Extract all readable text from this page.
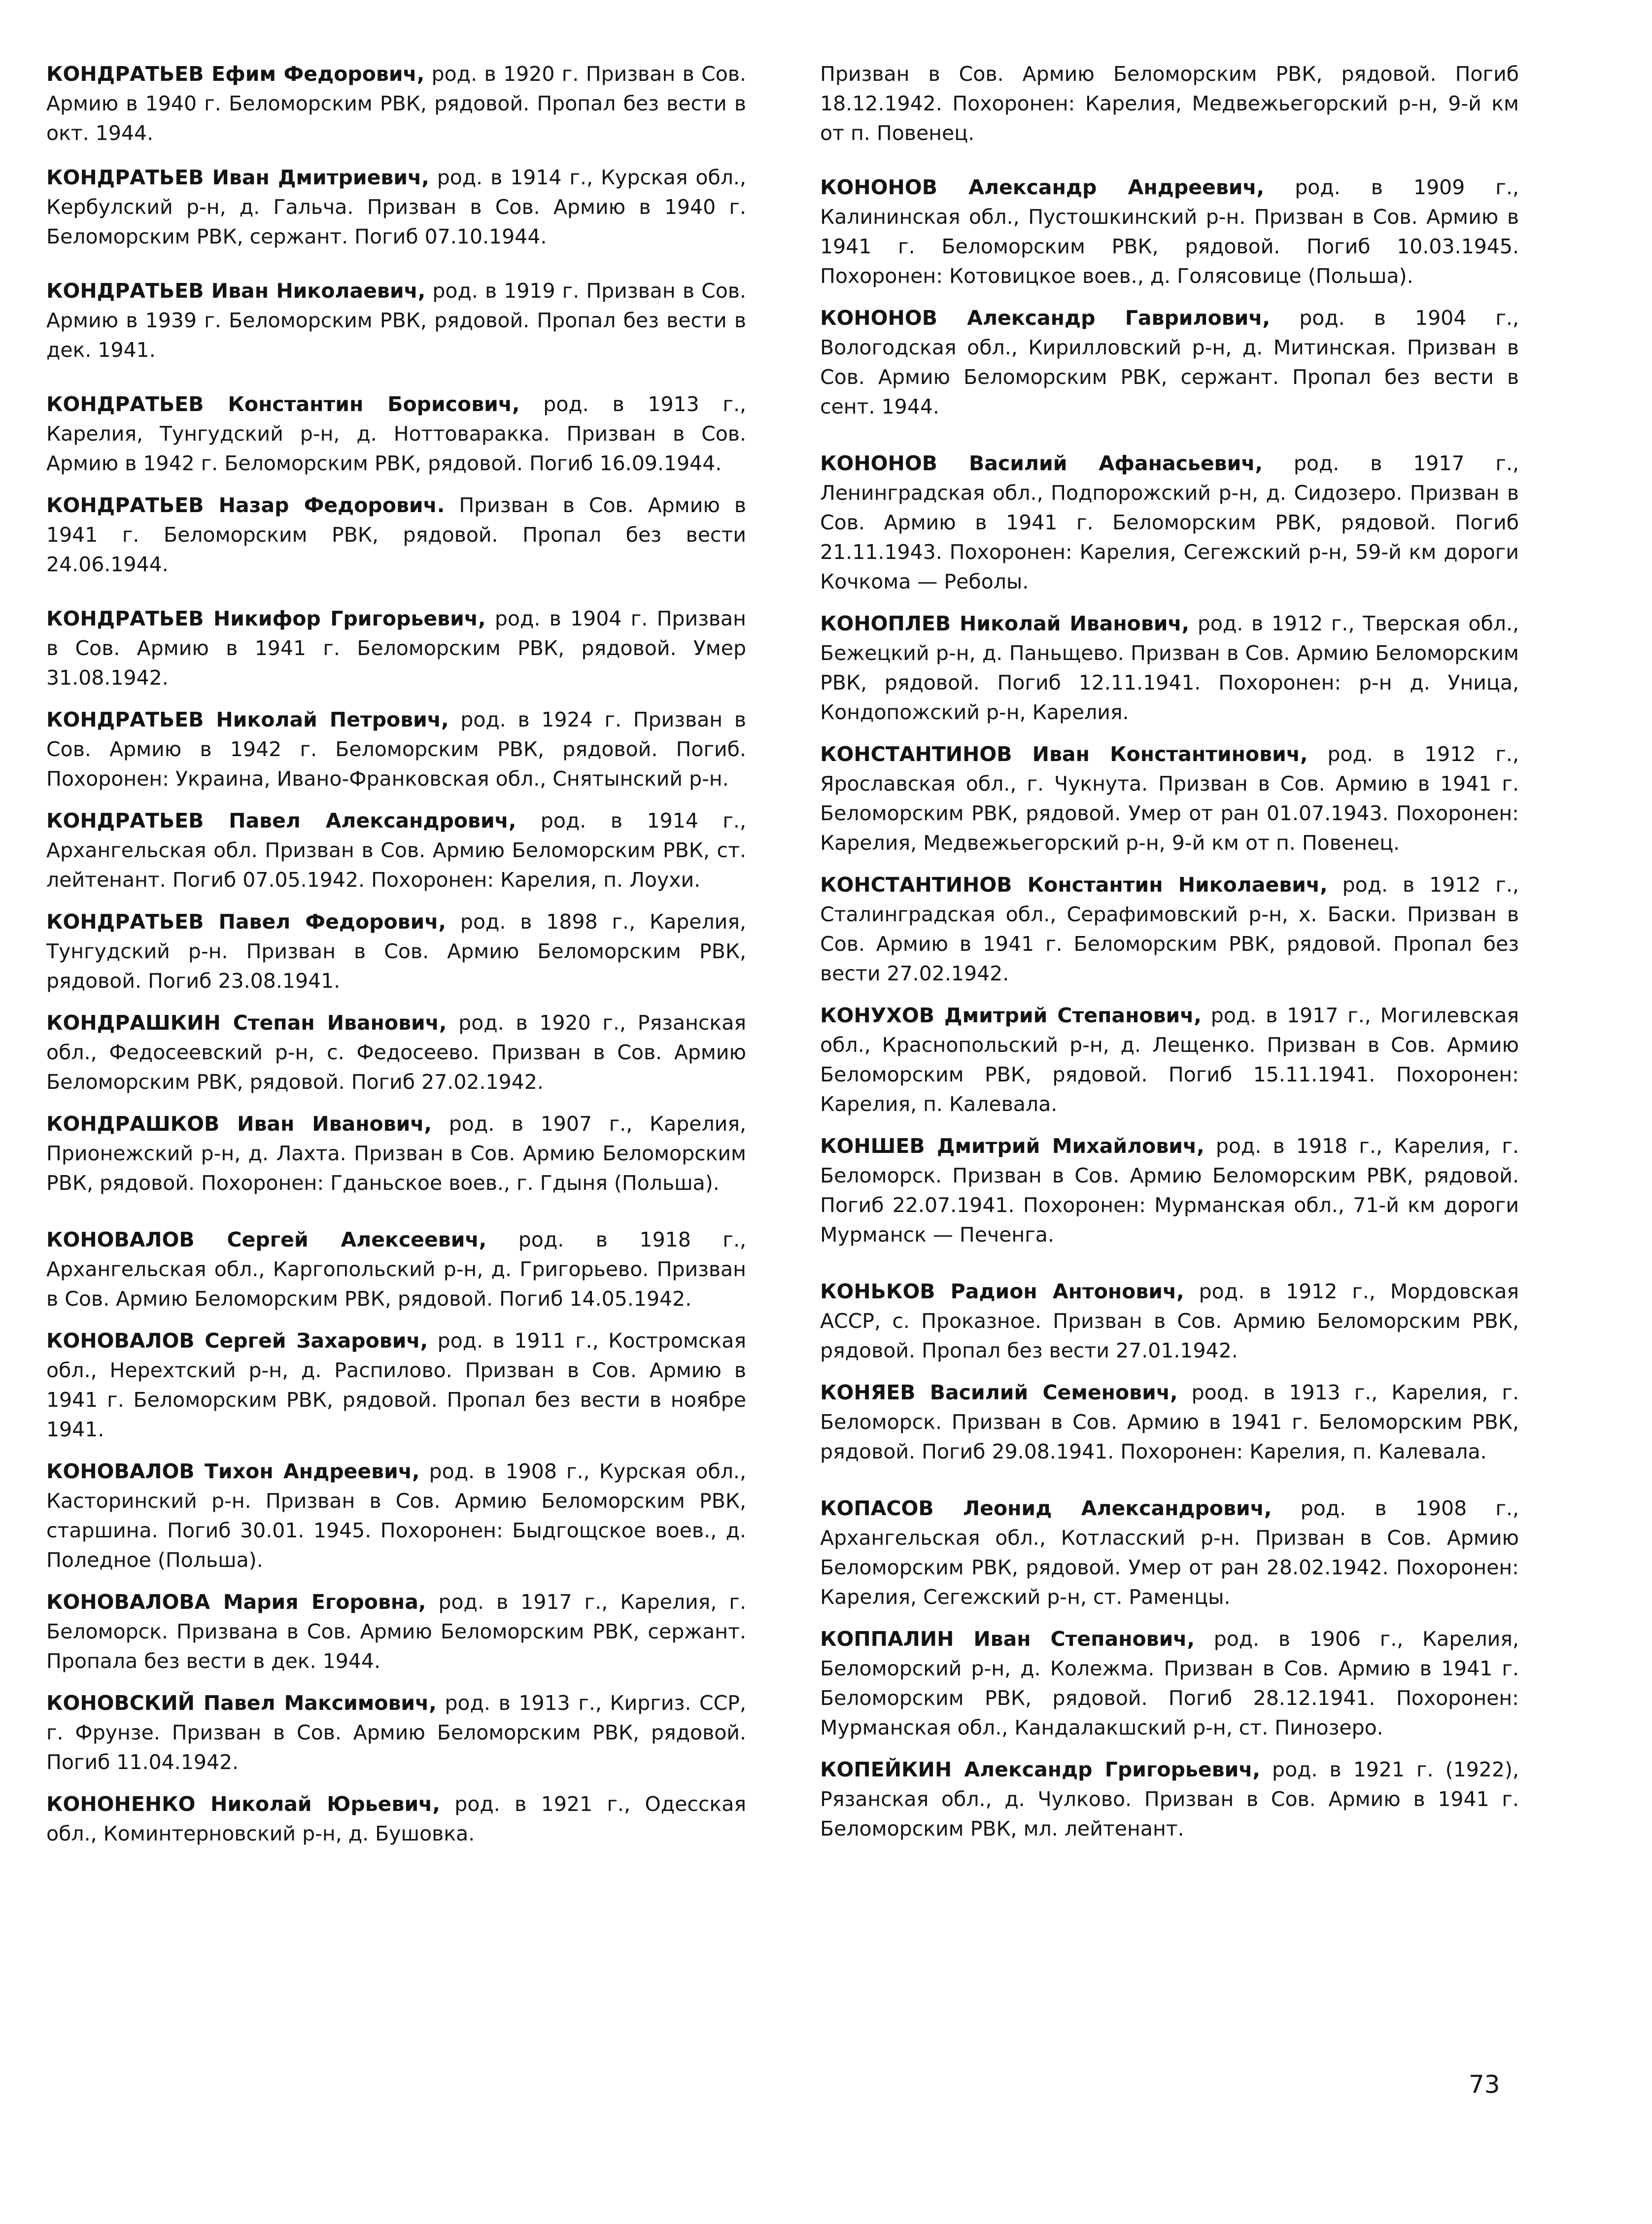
КОНДРАТЬЕВ Ефим Федорович, род. в 1920 г. Призван в Сов. Армию в 1940 г. Беломорским РВК, рядовой. Пропал без вести в окт. 1944.

КОНДРАТЬЕВ Иван Дмитриевич, род. в 1914 г., Курская обл., Кербулский р-н, д. Гальча. Призван в Сов. Армию в 1940 г. Беломорским РВК, сержант. Погиб 07.10.1944.

КОНДРАТЬЕВ Иван Николаевич, род. в 1919 г. Призван в Сов. Армию в 1939 г. Беломорским РВК, рядовой. Пропал без вести в дек. 1941.

КОНДРАТЬЕВ Константин Борисович, род. в 1913 г., Карелия, Тунгудский р-н, д. Ноттоваракка. Призван в Сов. Армию в 1942 г. Беломорским РВК, рядовой. Погиб 16.09.1944.

КОНДРАТЬЕВ Назар Федорович. Призван в Сов. Армию в 1941 г. Беломорским РВК, рядовой. Пропал без вести 24.06.1944.

КОНДРАТЬЕВ Никифор Григорьевич, род. в 1904 г. Призван в Сов. Армию в 1941 г. Беломорским РВК, рядовой. Умер 31.08.1942.

КОНДРАТЬЕВ Николай Петрович, род. в 1924 г. Призван в Сов. Армию в 1942 г. Беломорским РВК, рядовой. Погиб. Похоронен: Украина, Ивано-Франковская обл., Снятынский р-н.

КОНДРАТЬЕВ Павел Александрович, род. в 1914 г., Архангельская обл. Призван в Сов. Армию Беломорским РВК, ст. лейтенант. Погиб 07.05.1942. Похоронен: Карелия, п. Лоухи.

КОНДРАТЬЕВ Павел Федорович, род. в 1898 г., Карелия, Тунгудский р-н. Призван в Сов. Армию Беломорским РВК, рядовой. Погиб 23.08.1941.

КОНДРАШКИН Степан Иванович, род. в 1920 г., Рязанская обл., Федосеевский р-н, с. Федосеево. Призван в Сов. Армию Беломорским РВК, рядовой. Погиб 27.02.1942.

КОНДРАШКОВ Иван Иванович, род. в 1907 г., Карелия, Прионежский р-н, д. Лахта. Призван в Сов. Армию Беломорским РВК, рядовой. Похоронен: Гданьское воев., г. Гдыня (Польша).

КОНОВАЛОВ Сергей Алексеевич, род. в 1918 г., Архангельская обл., Каргопольский р-н, д. Григорьево. Призван в Сов. Армию Беломорским РВК, рядовой. Погиб 14.05.1942.

КОНОВАЛОВ Сергей Захарович, род. в 1911 г., Костромская обл., Нерехтский р-н, д. Распилово. Призван в Сов. Армию в 1941 г. Беломорским РВК, рядовой. Пропал без вести в ноябре 1941.

КОНОВАЛОВ Тихон Андреевич, род. в 1908 г., Курская обл., Касторинский р-н. Призван в Сов. Армию Беломорским РВК, старшина. Погиб 30.01. 1945. Похоронен: Быдгощское воев., д. Поледное (Польша).

КОНОВАЛОВА Мария Егоровна, род. в 1917 г., Карелия, г. Беломорск. Призвана в Сов. Армию Беломорским РВК, сержант. Пропала без вести в дек. 1944.

КОНОВСКИЙ Павел Максимович, род. в 1913 г., Киргиз. ССР, г. Фрунзе. Призван в Сов. Армию Беломорским РВК, рядовой. Погиб 11.04.1942.

КОНОНЕНКО Николай Юрьевич, род. в 1921 г., Одесская обл., Коминтерновский р-н, д. Бушовка.

Призван в Сов. Армию Беломорским РВК, рядовой. Погиб 18.12.1942. Похоронен: Карелия, Медвежьегорский р-н, 9-й км от п. Повенец.

КОНОНОВ Александр Андреевич, род. в 1909 г., Калининская обл., Пустошкинский р-н. Призван в Сов. Армию в 1941 г. Беломорским РВК, рядовой. Погиб 10.03.1945. Похоронен: Котовицкое воев., д. Голясовице (Польша).

КОНОНОВ Александр Гаврилович, род. в 1904 г., Вологодская обл., Кирилловский р-н, д. Митинская. Призван в Сов. Армию Беломорским РВК, сержант. Пропал без вести в сент. 1944.

КОНОНОВ Василий Афанасьевич, род. в 1917 г., Ленинградская обл., Подпорожский р-н, д. Сидозеро. Призван в Сов. Армию в 1941 г. Беломорским РВК, рядовой. Погиб 21.11.1943. Похоронен: Карелия, Сегежский р-н, 59-й км дороги Кочкома — Реболы.

КОНОПЛЕВ Николай Иванович, род. в 1912 г., Тверская обл., Бежецкий р-н, д. Паньщево. Призван в Сов. Армию Беломорским РВК, рядовой. Погиб 12.11.1941. Похоронен: р-н д. Уница, Кондопожский р-н, Карелия.

КОНСТАНТИНОВ Иван Константинович, род. в 1912 г., Ярославская обл., г. Чукнута. Призван в Сов. Армию в 1941 г. Беломорским РВК, рядовой. Умер от ран 01.07.1943. Похоронен: Карелия, Медвежьегорский р-н, 9-й км от п. Повенец.

КОНСТАНТИНОВ Константин Николаевич, род. в 1912 г., Сталинградская обл., Серафимовский р-н, х. Баски. Призван в Сов. Армию в 1941 г. Беломорским РВК, рядовой. Пропал без вести 27.02.1942.

КОНУХОВ Дмитрий Степанович, род. в 1917 г., Могилевская обл., Краснопольский р-н, д. Лещенко. Призван в Сов. Армию Беломорским РВК, рядовой. Погиб 15.11.1941. Похоронен: Карелия, п. Калевала.

КОНШЕВ Дмитрий Михайлович, род. в 1918 г., Карелия, г. Беломорск. Призван в Сов. Армию Беломорским РВК, рядовой. Погиб 22.07.1941. Похоронен: Мурманская обл., 71-й км дороги Мурманск — Печенга.

КОНЬКОВ Радион Антонович, род. в 1912 г., Мордовская АССР, с. Проказное. Призван в Сов. Армию Беломорским РВК, рядовой. Пропал без вести 27.01.1942.

КОНЯЕВ Василий Семенович, роод. в 1913 г., Карелия, г. Беломорск. Призван в Сов. Армию в 1941 г. Беломорским РВК, рядовой. Погиб 29.08.1941. Похоронен: Карелия, п. Калевала.

КОПАСОВ Леонид Александрович, род. в 1908 г., Архангельская обл., Котласский р-н. Призван в Сов. Армию Беломорским РВК, рядовой. Умер от ран 28.02.1942. Похоронен: Карелия, Сегежский р-н, ст. Раменцы.

КОППАЛИН Иван Степанович, род. в 1906 г., Карелия, Беломорский р-н, д. Колежма. Призван в Сов. Армию в 1941 г. Беломорским РВК, рядовой. Погиб 28.12.1941. Похоронен: Мурманская обл., Кандалакшский р-н, ст. Пинозеро.

КОПЕЙКИН Александр Григорьевич, род. в 1921 г. (1922), Рязанская обл., д. Чулково. Призван в Сов. Армию в 1941 г. Беломорским РВК, мл. лейтенант.

73
